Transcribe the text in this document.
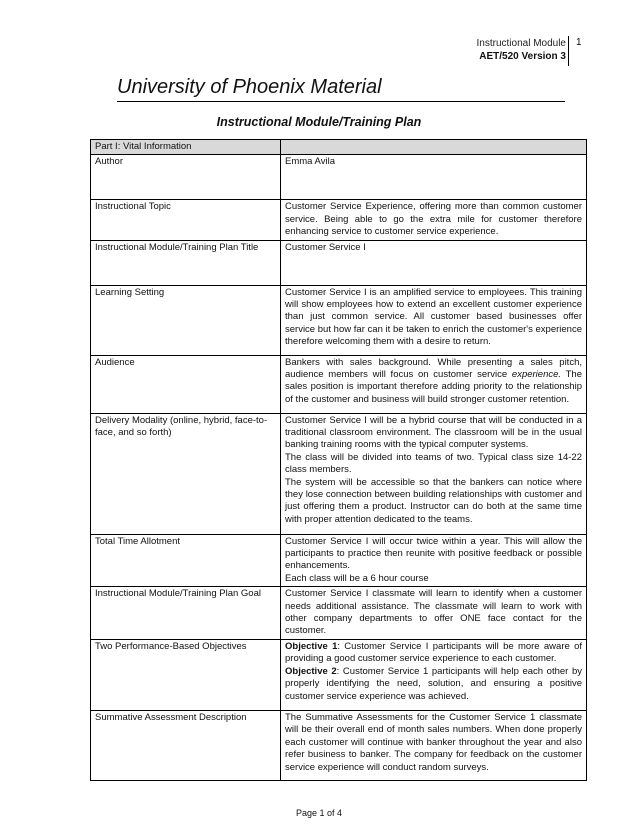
Instructional Module
AET/520 Version 3
1
University of Phoenix Material
Instructional Module/Training Plan
Part I: Vital Information	
Author	Emma Avila
Instructional Topic	Customer Service Experience, offering more than common customer service. Being able to go the extra mile for customer therefore enhancing service to customer service experience.
Instructional Module/Training Plan Title	Customer Service I
Learning Setting	Customer Service I is an amplified service to employees. This training will show employees how to extend an excellent customer experience than just common service. All customer based businesses offer service but how far can it be taken to enrich the customer's experience therefore welcoming them with a desire to return.
Audience	Bankers with sales background. While presenting a sales pitch, audience members will focus on customer service experience. The sales position is important therefore adding priority to the relationship of the customer and business will build stronger customer retention.
Delivery Modality (online, hybrid, face-to-face, and so forth)	Customer Service I will be a hybrid course that will be conducted in a traditional classroom environment. The classroom will be in the usual banking training rooms with the typical computer systems.
The class will be divided into teams of two. Typical class size 14-22 class members.
The system will be accessible so that the bankers can notice where they lose connection between building relationships with customer and just offering them a product. Instructor can do both at the same time with proper attention dedicated to the teams.

Total Time Allotment	Customer Service I will occur twice within a year. This will allow the participants to practice then reunite with positive feedback or possible enhancements.
Each class will be a 6 hour course

Instructional Module/Training Plan Goal	Customer Service I classmate will learn to identify when a customer needs additional assistance. The classmate will learn to work with other company departments to offer ONE face contact for the customer.
Two Performance-Based Objectives	Objective 1: Customer Service I participants will be more aware of providing a good customer service experience to each customer.
Objective 2: Customer Service 1 participants will help each other by properly identifying the need, solution, and ensuring a positive customer service experience was achieved.

Summative Assessment Description	The Summative Assessments for the Customer Service 1 classmate will be their overall end of month sales numbers. When done properly each customer will continue with banker throughout the year and also refer business to banker. The company for feedback on the customer service experience will conduct random surveys.
Page 1 of 4
